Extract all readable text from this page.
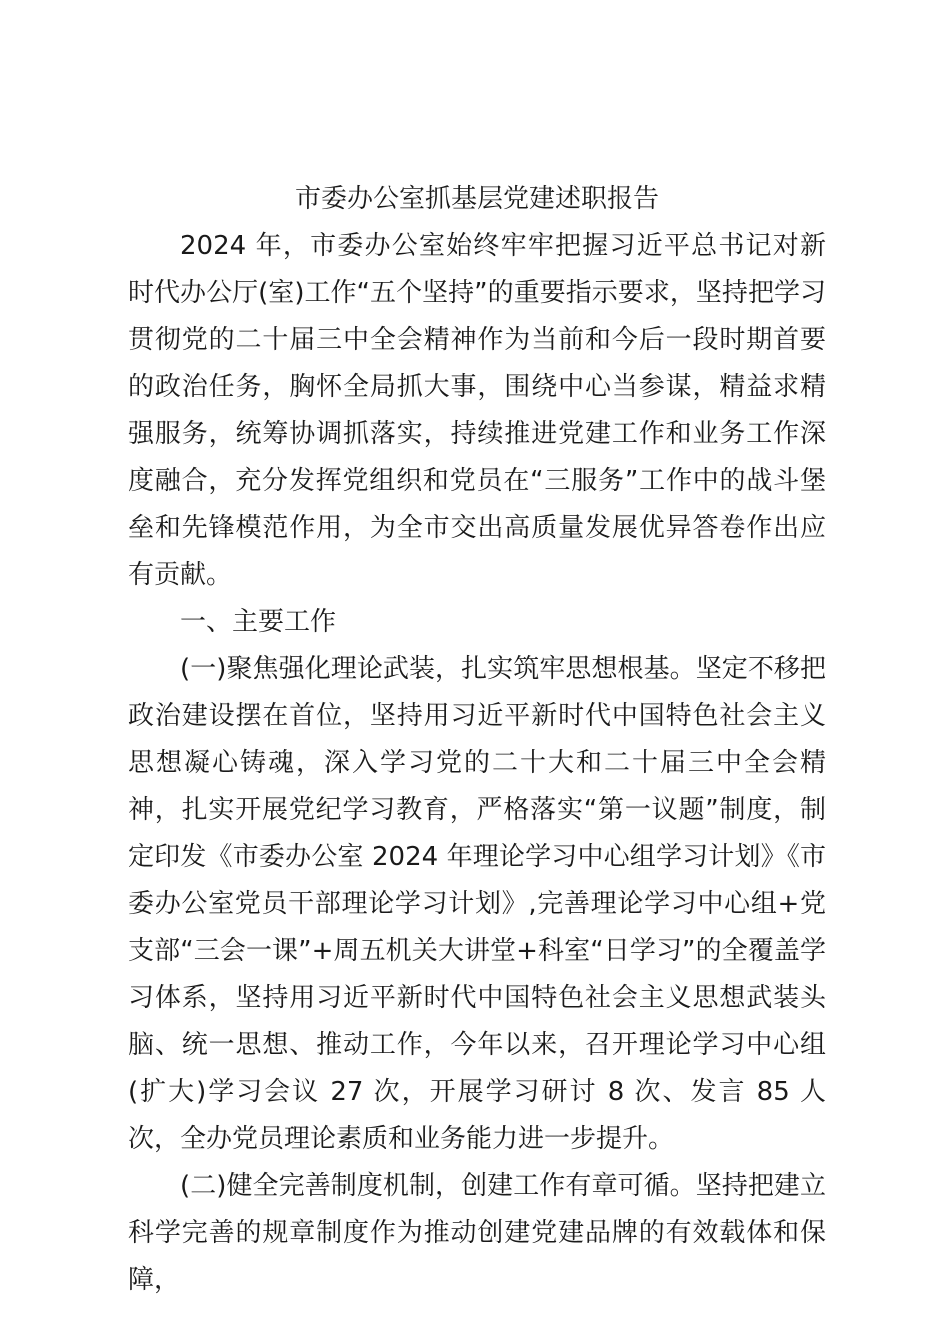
市委办公室抓基层党建述职报告

2024 年，市委办公室始终牢牢把握习近平总书记对新时代办公厅(室)工作“五个坚持”的重要指示要求，坚持把学习贯彻党的二十届三中全会精神作为当前和今后一段时期首要的政治任务，胸怀全局抓大事，围绕中心当参谋，精益求精强服务，统筹协调抓落实，持续推进党建工作和业务工作深度融合，充分发挥党组织和党员在“三服务”工作中的战斗堡垒和先锋模范作用，为全市交出高质量发展优异答卷作出应有贡献。

一、主要工作

(一)聚焦强化理论武装，扎实筑牢思想根基。坚定不移把政治建设摆在首位，坚持用习近平新时代中国特色社会主义思想凝心铸魂，深入学习党的二十大和二十届三中全会精神，扎实开展党纪学习教育，严格落实“第一议题”制度，制定印发《市委办公室 2024 年理论学习中心组学习计划》《市委办公室党员干部理论学习计划》,完善理论学习中心组+党支部“三会一课”+周五机关大讲堂+科室“日学习”的全覆盖学习体系，坚持用习近平新时代中国特色社会主义思想武装头脑、统一思想、推动工作，今年以来，召开理论学习中心组(扩大)学习会议 27 次，开展学习研讨 8 次、发言 85 人次，全办党员理论素质和业务能力进一步提升。

(二)健全完善制度机制，创建工作有章可循。坚持把建立科学完善的规章制度作为推动创建党建品牌的有效载体和保障，
